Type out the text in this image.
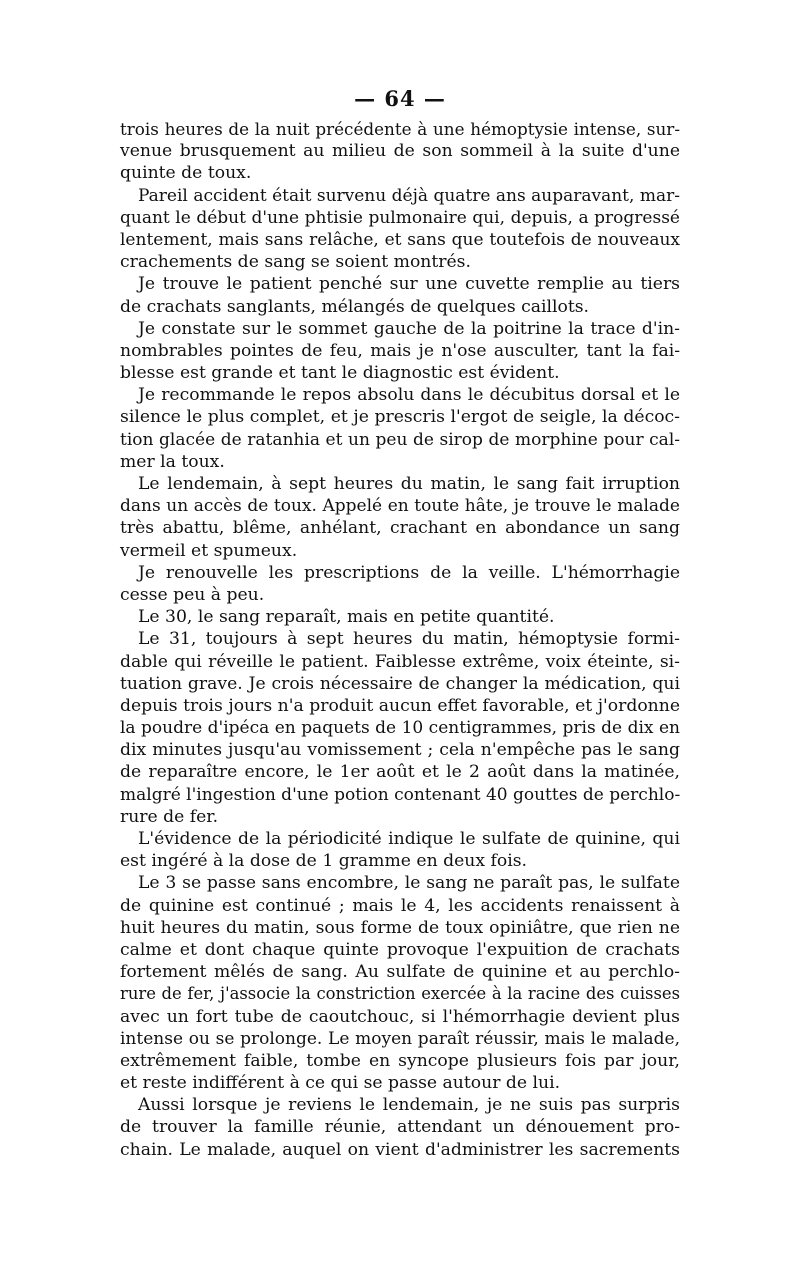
— 64 —
trois heures de la nuit précédente à une hémoptysie intense, sur-
venue brusquement au milieu de son sommeil à la suite d'une
quinte de toux.
Pareil accident était survenu déjà quatre ans auparavant, mar-
quant le début d'une phtisie pulmonaire qui, depuis, a progressé
lentement, mais sans relâche, et sans que toutefois de nouveaux
crachements de sang se soient montrés.
Je trouve le patient penché sur une cuvette remplie au tiers
de crachats sanglants, mélangés de quelques caillots.
Je constate sur le sommet gauche de la poitrine la trace d'in-
nombrables pointes de feu, mais je n'ose ausculter, tant la fai-
blesse est grande et tant le diagnostic est évident.
Je recommande le repos absolu dans le décubitus dorsal et le
silence le plus complet, et je prescris l'ergot de seigle, la décoc-
tion glacée de ratanhia et un peu de sirop de morphine pour cal-
mer la toux.
Le lendemain, à sept heures du matin, le sang fait irruption
dans un accès de toux. Appelé en toute hâte, je trouve le malade
très abattu, blême, anhélant, crachant en abondance un sang
vermeil et spumeux.
Je renouvelle les prescriptions de la veille. L'hémorrhagie
cesse peu à peu.
Le 30, le sang reparaît, mais en petite quantité.
Le 31, toujours à sept heures du matin, hémoptysie formi-
dable qui réveille le patient. Faiblesse extrême, voix éteinte, si-
tuation grave. Je crois nécessaire de changer la médication, qui
depuis trois jours n'a produit aucun effet favorable, et j'ordonne
la poudre d'ipéca en paquets de 10 centigrammes, pris de dix en
dix minutes jusqu'au vomissement ; cela n'empêche pas le sang
de reparaître encore, le 1er août et le 2 août dans la matinée,
malgré l'ingestion d'une potion contenant 40 gouttes de perchlo-
rure de fer.
L'évidence de la périodicité indique le sulfate de quinine, qui
est ingéré à la dose de 1 gramme en deux fois.
Le 3 se passe sans encombre, le sang ne paraît pas, le sulfate
de quinine est continué ; mais le 4, les accidents renaissent à
huit heures du matin, sous forme de toux opiniâtre, que rien ne
calme et dont chaque quinte provoque l'expuition de crachats
fortement mêlés de sang. Au sulfate de quinine et au perchlo-
rure de fer, j'associe la constriction exercée à la racine des cuisses
avec un fort tube de caoutchouc, si l'hémorrhagie devient plus
intense ou se prolonge. Le moyen paraît réussir, mais le malade,
extrêmement faible, tombe en syncope plusieurs fois par jour,
et reste indifférent à ce qui se passe autour de lui.
Aussi lorsque je reviens le lendemain, je ne suis pas surpris
de trouver la famille réunie, attendant un dénouement pro-
chain. Le malade, auquel on vient d'administrer les sacrements
